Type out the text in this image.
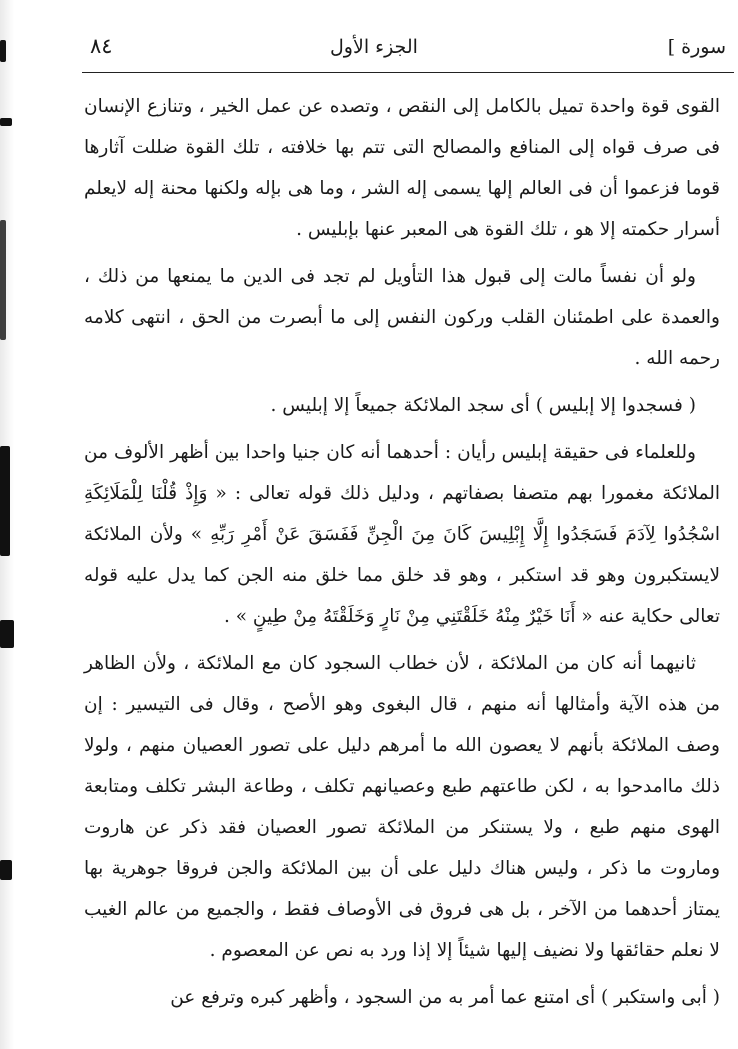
٨٤	الجزء الأول	[ سورة

القوى قوة واحدة تميل بالكامل إلى النقص ، وتصده عن عمل الخير ، وتنازع الإنسان فى صرف قواه إلى المنافع والمصالح التى تتم بها خلافته ، تلك القوة ضللت آثارها قوما فزعموا أن فى العالم إلها يسمى إله الشر ، وما هى بإله ولكنها محنة إله لايعلم أسرار حكمته إلا هو ، تلك القوة هى المعبر عنها بإبليس .

ولو أن نفساً مالت إلى قبول هذا التأويل لم تجد فى الدين ما يمنعها من ذلك ، والعمدة على اطمئنان القلب وركون النفس إلى ما أبصرت من الحق ، انتهى كلامه رحمه الله .

( فسجدوا إلا إبليس ) أى سجد الملائكة جميعاً إلا إبليس .

وللعلماء فى حقيقة إبليس رأيان : أحدهما أنه كان جنيا واحدا بين أظهر الألوف من الملائكة مغمورا بهم متصفا بصفاتهم ، ودليل ذلك قوله تعالى : « وَإِذْ قُلْنَا لِلْمَلَائِكَةِ اسْجُدُوا لِآدَمَ فَسَجَدُوا إِلَّا إِبْلِيسَ كَانَ مِنَ الْجِنِّ فَفَسَقَ عَنْ أَمْرِ رَبِّهِ » ولأن الملائكة لايستكبرون وهو قد استكبر ، وهو قد خلق مما خلق منه الجن كما يدل عليه قوله تعالى حكاية عنه « أَنَا خَيْرٌ مِنْهُ خَلَقْتَنِي مِنْ نَارٍ وَخَلَقْتَهُ مِنْ طِينٍ » .

ثانيهما أنه كان من الملائكة ، لأن خطاب السجود كان مع الملائكة ، ولأن الظاهر من هذه الآية وأمثالها أنه منهم ، قال البغوى وهو الأصح ، وقال فى التيسير : إن وصف الملائكة بأنهم لا يعصون الله ما أمرهم دليل على تصور العصيان منهم ، ولولا ذلك ماامدحوا به ، لكن طاعتهم طبع وعصيانهم تكلف ، وطاعة البشر تكلف ومتابعة الهوى منهم طبع ، ولا يستنكر من الملائكة تصور العصيان فقد ذكر عن هاروت وماروت ما ذكر ، وليس هناك دليل على أن بين الملائكة والجن فروقا جوهرية بها يمتاز أحدهما من الآخر ، بل هى فروق فى الأوصاف فقط ، والجميع من عالم الغيب لا نعلم حقائقها ولا نضيف إليها شيئاً إلا إذا ورد به نص عن المعصوم .

( أبى واستكبر ) أى امتنع عما أمر به من السجود ، وأظهر كبره وترفع عن
